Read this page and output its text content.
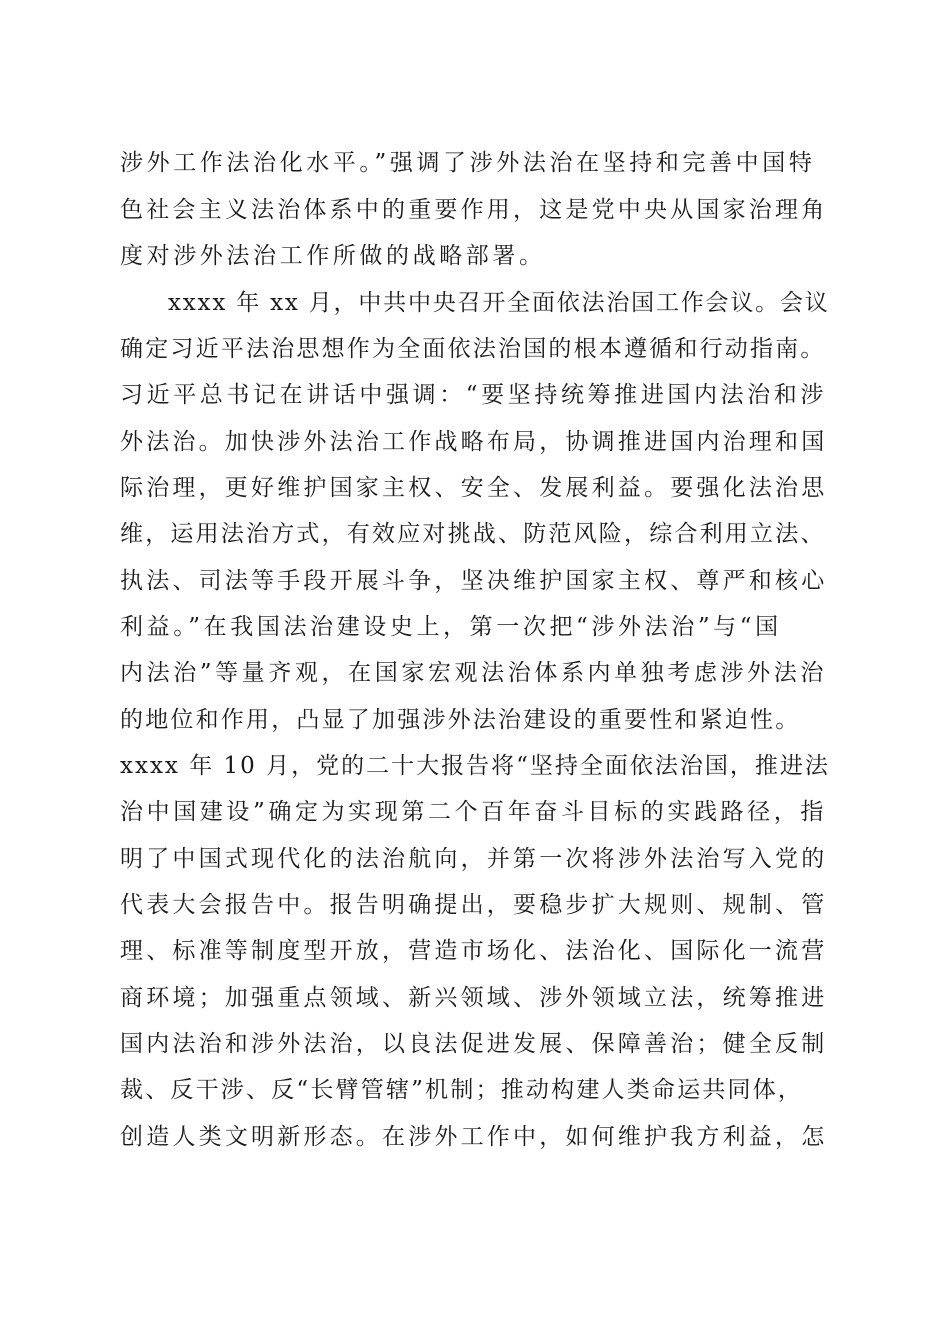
涉外工作法治化水平。”强调了涉外法治在坚持和完善中国特
色社会主义法治体系中的重要作用，这是党中央从国家治理角
度对涉外法治工作所做的战略部署。
xxxx 年 xx 月，中共中央召开全面依法治国工作会议。会议
确定习近平法治思想作为全面依法治国的根本遵循和行动指南。
习近平总书记在讲话中强调：“要坚持统筹推进国内法治和涉
外法治。加快涉外法治工作战略布局，协调推进国内治理和国
际治理，更好维护国家主权、安全、发展利益。要强化法治思
维，运用法治方式，有效应对挑战、防范风险，综合利用立法、
执法、司法等手段开展斗争，坚决维护国家主权、尊严和核心
利益。”在我国法治建设史上，第一次把“涉外法治”与“国
内法治”等量齐观，在国家宏观法治体系内单独考虑涉外法治
的地位和作用，凸显了加强涉外法治建设的重要性和紧迫性。
xxxx 年 10 月，党的二十大报告将“坚持全面依法治国，推进法
治中国建设”确定为实现第二个百年奋斗目标的实践路径，指
明了中国式现代化的法治航向，并第一次将涉外法治写入党的
代表大会报告中。报告明确提出，要稳步扩大规则、规制、管
理、标准等制度型开放，营造市场化、法治化、国际化一流营
商环境；加强重点领域、新兴领域、涉外领域立法，统筹推进
国内法治和涉外法治，以良法促进发展、保障善治；健全反制
裁、反干涉、反“长臂管辖”机制；推动构建人类命运共同体，
创造人类文明新形态。在涉外工作中，如何维护我方利益，怎
